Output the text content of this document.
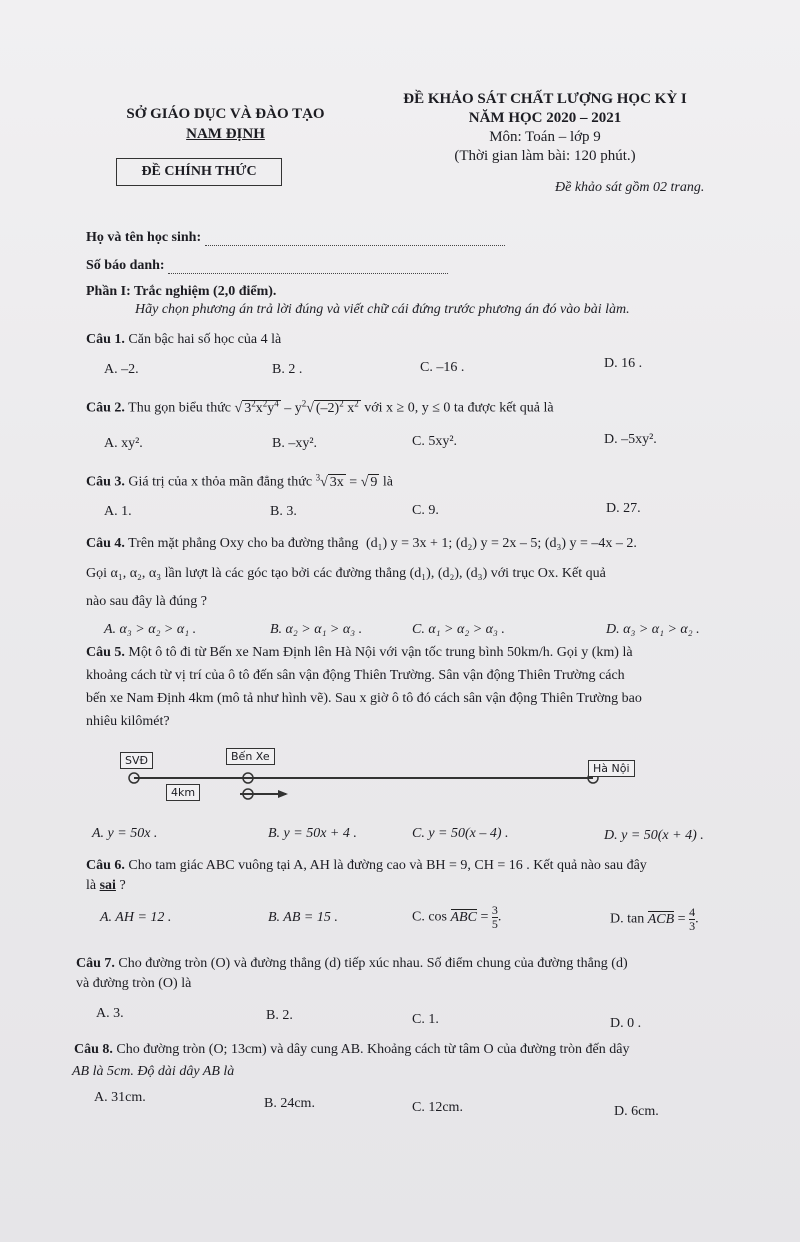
SỞ GIÁO DỤC VÀ ĐÀO TẠO
NAM ĐỊNH
ĐỀ CHÍNH THỨC
ĐỀ KHẢO SÁT CHẤT LƯỢNG HỌC KỲ I
NĂM HỌC 2020 – 2021
Môn: Toán – lớp 9
(Thời gian làm bài: 120 phút.)
Đề khảo sát gồm 02 trang.
Họ và tên học sinh:
Số báo danh:
Phần I: Trắc nghiệm (2,0 điểm).
Hãy chọn phương án trả lời đúng và viết chữ cái đứng trước phương án đó vào bài làm.
Câu 1. Căn bậc hai số học của 4 là
A. –2.	B. 2 .	C. –16 .	D. 16 .
Câu 2. Thu gọn biểu thức √ $3^2x^2y^4 - y^2√$ $(-2)^2$ $x^2$ với x ≥ 0, y ≤ 0 ta được kết quả là
A. xy².	B. –xy².	C. 5xy².	D. –5xy².
Câu 3. Giá trị của x thỏa mãn đẳng thức $^3$√ 3x = √ 9 là
A. 1.	B. 3.	C. 9.	D. 27.
Câu 4. Trên mặt phẳng Oxy cho ba đường thẳng (d₁) y = 3x + 1; (d₂) y = 2x – 5; (d₃) y = –4x – 2.
Gọi α₁, α₂, α₃ lần lượt là các góc tạo bởi các đường thẳng (d₁), (d₂), (d₃) với trục Ox. Kết quả
nào sau đây là đúng ?
A. α₃ > α₂ > α₁ .	B. α₂ > α₁ > α₃ .	C. α₁ > α₂ > α₃ .	D. α₃ > α₁ > α₂ .
Câu 5. Một ô tô đi từ Bến xe Nam Định lên Hà Nội với vận tốc trung bình 50km/h. Gọi y (km) là
khoảng cách từ vị trí của ô tô đến sân vận động Thiên Trường. Sân vận động Thiên Trường cách
bến xe Nam Định 4km (mô tả như hình vẽ). Sau x giờ ô tô đó cách sân vận động Thiên Trường bao
nhiêu kilômét?
SVĐ	Bến Xe
Hà Nội
4km
A. y = 50x .	B. y = 50x + 4 .	C. y = 50(x – 4) .	D. y = 50(x + 4) .
Câu 6. Cho tam giác ABC vuông tại A, AH là đường cao và BH = 9, CH = 16 . Kết quả nào sau đây
là sai ?
A. AH = 12 .	B. AB = 15 .	C. cos ABC = $\frac{3}{5}$ .	D. tan ACB = $\frac{4}{3}$ .
Câu 7. Cho đường tròn (O) và đường thẳng (d) tiếp xúc nhau. Số điểm chung của đường thẳng (d)
và đường tròn (O) là
A. 3.	B. 2.	C. 1.	D. 0 .
Câu 8. Cho đường tròn (O; 13cm) và dây cung AB. Khoảng cách từ tâm O của đường tròn đến dây
AB là 5cm. Độ dài dây AB là
A. 31cm.	B. 24cm.	C. 12cm.	D. 6cm.
